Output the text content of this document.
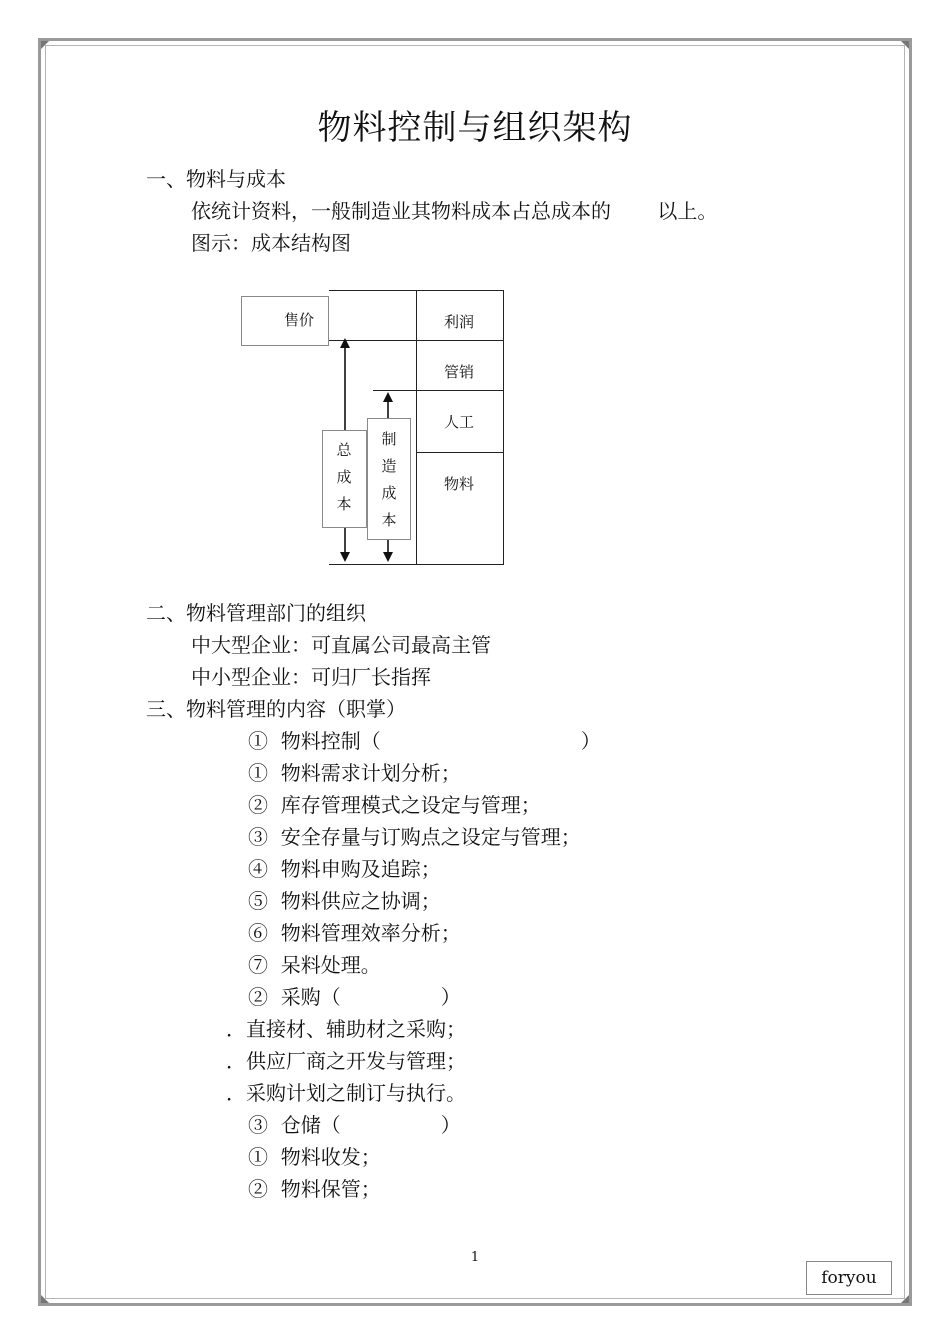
物料控制与组织架构
一、物料与成本
依统计资料，一般制造业其物料成本占总成本的　　 以上。
图示：成本结构图
售价	利润
管销
人工
物料
总
成
本
制
造
成
本
二、物料管理部门的组织
中大型企业：可直属公司最高主管
中小型企业：可归厂长指挥
三、物料管理的内容（职掌）
①  物料控制（　　　　　　　　　　）
①  物料需求计划分析；
②  库存管理模式之设定与管理；
③  安全存量与订购点之设定与管理；
④  物料申购及追踪；
⑤  物料供应之协调；
⑥  物料管理效率分析；
⑦  呆料处理。
②  采购（　　　　　）
．直接材、辅助材之采购；
．供应厂商之开发与管理；
．采购计划之制订与执行。
③  仓储（　　　　　）
①  物料收发；
②  物料保管；
1
foryou
